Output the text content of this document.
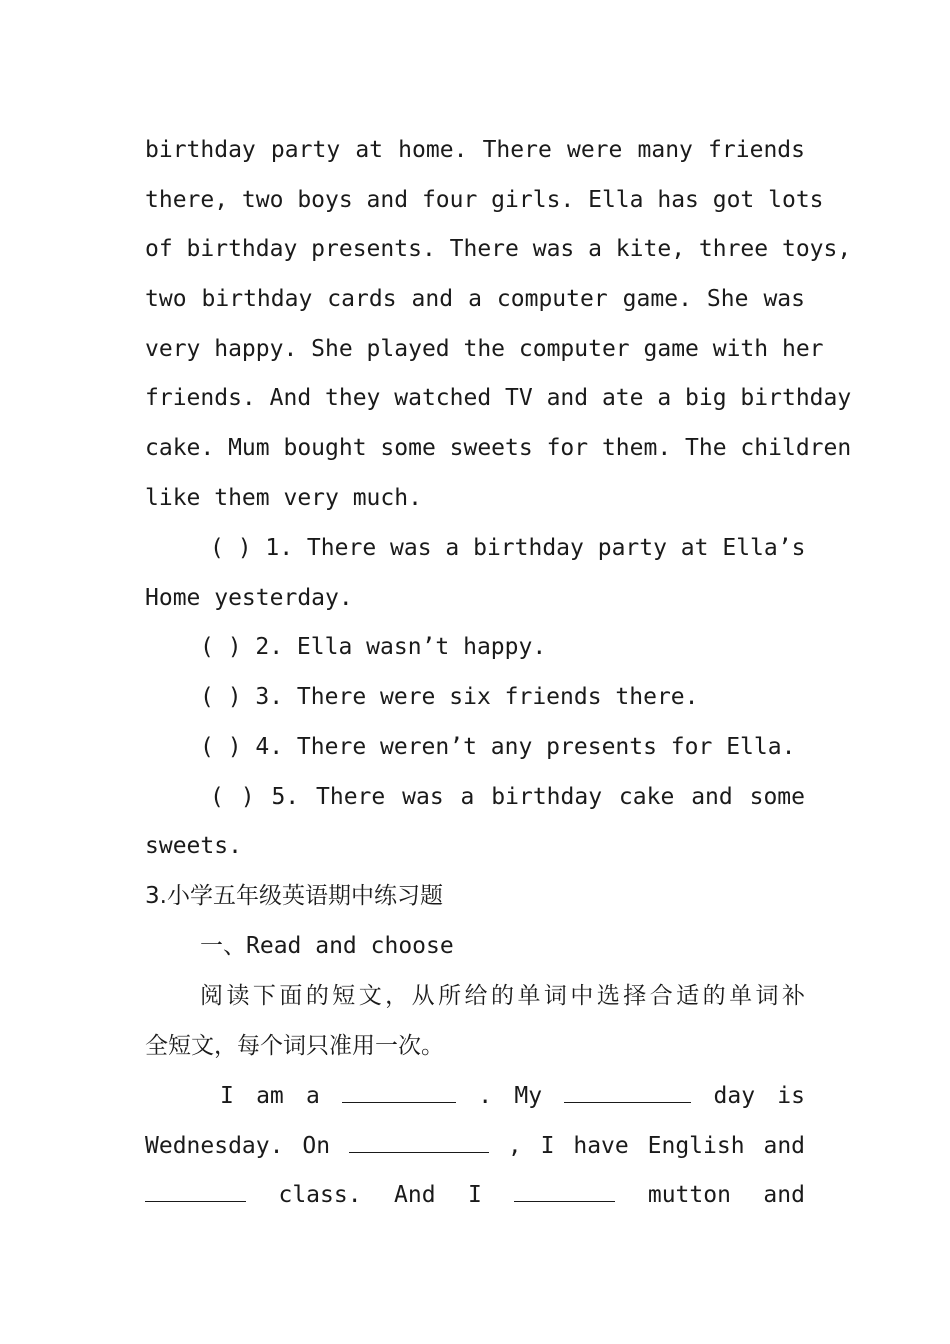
birthday party at home. There were many friends
there, two boys and four girls. Ella has got lots
of birthday presents. There was a kite, three toys,
two birthday cards and a computer game. She was
very happy. She played the computer game with her
friends. And they watched TV and ate a big birthday
cake. Mum bought some sweets for them. The children
like them very much.
( ) 1. There was a birthday party at Ella’s
Home yesterday.
( ) 2. Ella wasn’t happy.
( ) 3. There were six friends there.
( ) 4. There weren’t any presents for Ella.
( ) 5. There was a birthday cake and some
sweets.
3.小学五年级英语期中练习题
一、Read and choose
阅读下面的短文，从所给的单词中选择合适的单词补
全短文，每个词只准用一次。
I am a	. My	day is
Wednesday. On	, I have English and
class. And I	mutton and
